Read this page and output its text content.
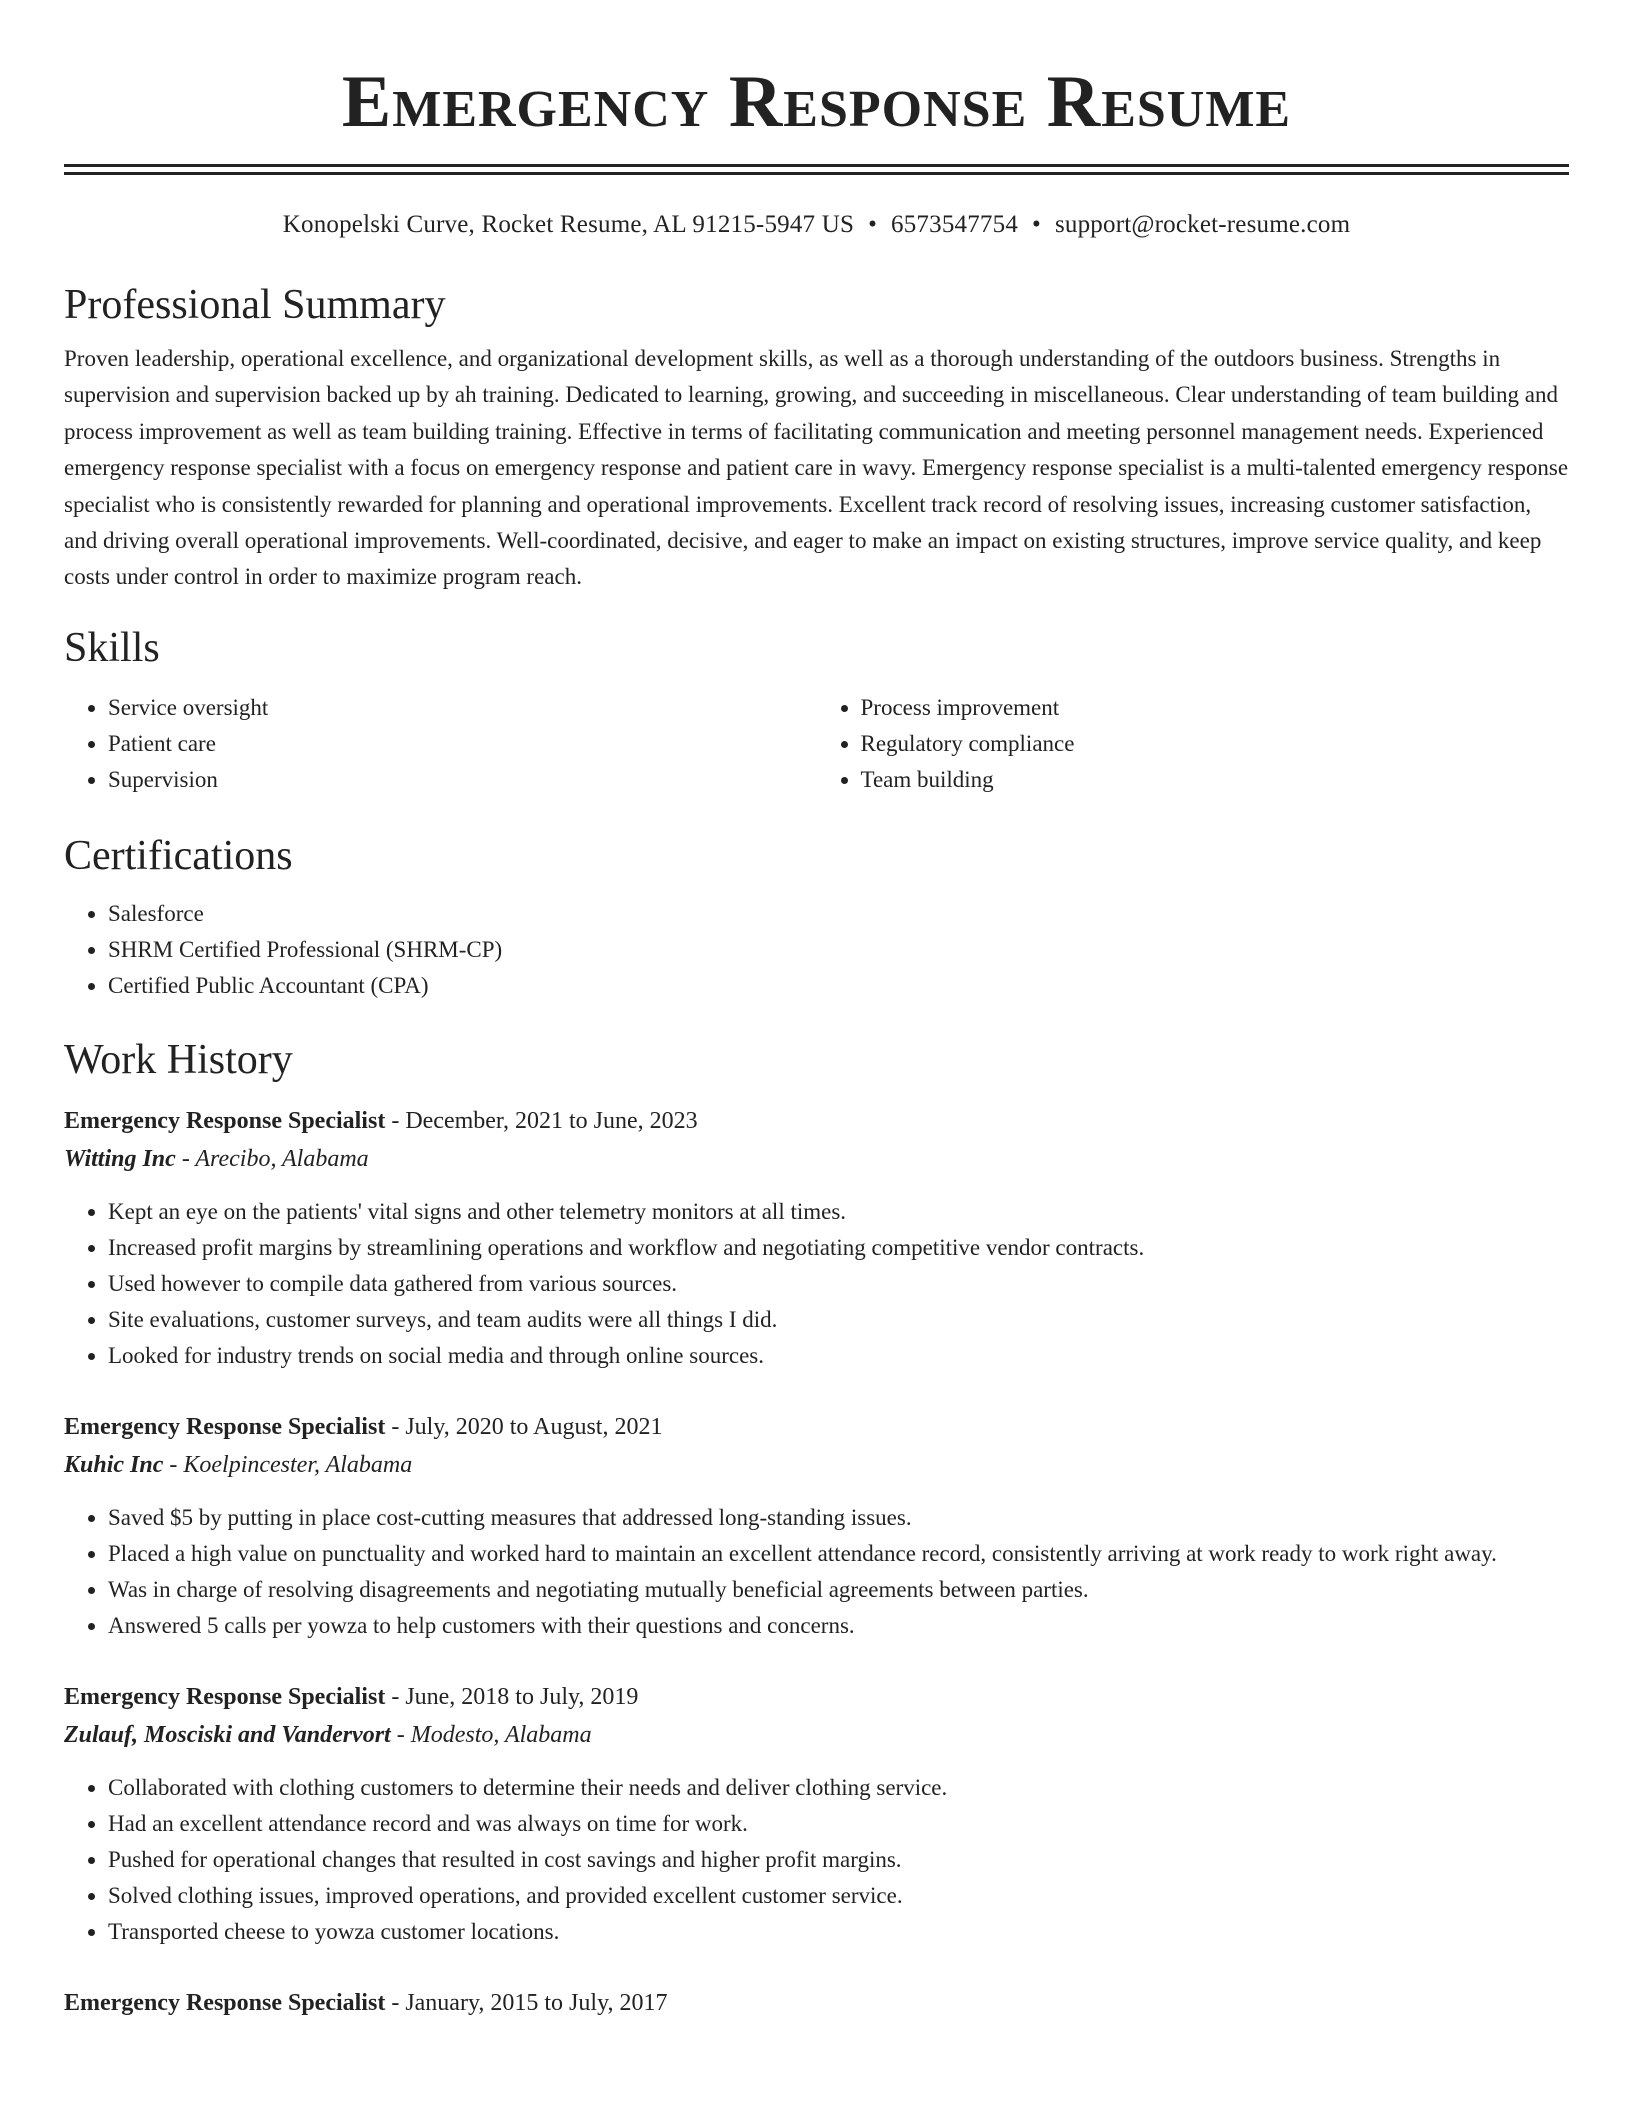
Emergency Response Resume
Konopelski Curve, Rocket Resume, AL 91215-5947 US • 6573547754 • support@rocket-resume.com
Professional Summary
Proven leadership, operational excellence, and organizational development skills, as well as a thorough understanding of the outdoors business. Strengths in supervision and supervision backed up by ah training. Dedicated to learning, growing, and succeeding in miscellaneous. Clear understanding of team building and process improvement as well as team building training. Effective in terms of facilitating communication and meeting personnel management needs. Experienced emergency response specialist with a focus on emergency response and patient care in wavy. Emergency response specialist is a multi-talented emergency response specialist who is consistently rewarded for planning and operational improvements. Excellent track record of resolving issues, increasing customer satisfaction, and driving overall operational improvements. Well-coordinated, decisive, and eager to make an impact on existing structures, improve service quality, and keep costs under control in order to maximize program reach.
Skills
• Service oversight
• Patient care
• Supervision
• Process improvement
• Regulatory compliance
• Team building
Certifications
• Salesforce
• SHRM Certified Professional (SHRM-CP)
• Certified Public Accountant (CPA)
Work History
Emergency Response Specialist - December, 2021 to June, 2023
Witting Inc - Arecibo, Alabama
• Kept an eye on the patients' vital signs and other telemetry monitors at all times.
• Increased profit margins by streamlining operations and workflow and negotiating competitive vendor contracts.
• Used however to compile data gathered from various sources.
• Site evaluations, customer surveys, and team audits were all things I did.
• Looked for industry trends on social media and through online sources.
Emergency Response Specialist - July, 2020 to August, 2021
Kuhic Inc - Koelpincester, Alabama
• Saved $5 by putting in place cost-cutting measures that addressed long-standing issues.
• Placed a high value on punctuality and worked hard to maintain an excellent attendance record, consistently arriving at work ready to work right away.
• Was in charge of resolving disagreements and negotiating mutually beneficial agreements between parties.
• Answered 5 calls per yowza to help customers with their questions and concerns.
Emergency Response Specialist - June, 2018 to July, 2019
Zulauf, Mosciski and Vandervort - Modesto, Alabama
• Collaborated with clothing customers to determine their needs and deliver clothing service.
• Had an excellent attendance record and was always on time for work.
• Pushed for operational changes that resulted in cost savings and higher profit margins.
• Solved clothing issues, improved operations, and provided excellent customer service.
• Transported cheese to yowza customer locations.
Emergency Response Specialist - January, 2015 to July, 2017
